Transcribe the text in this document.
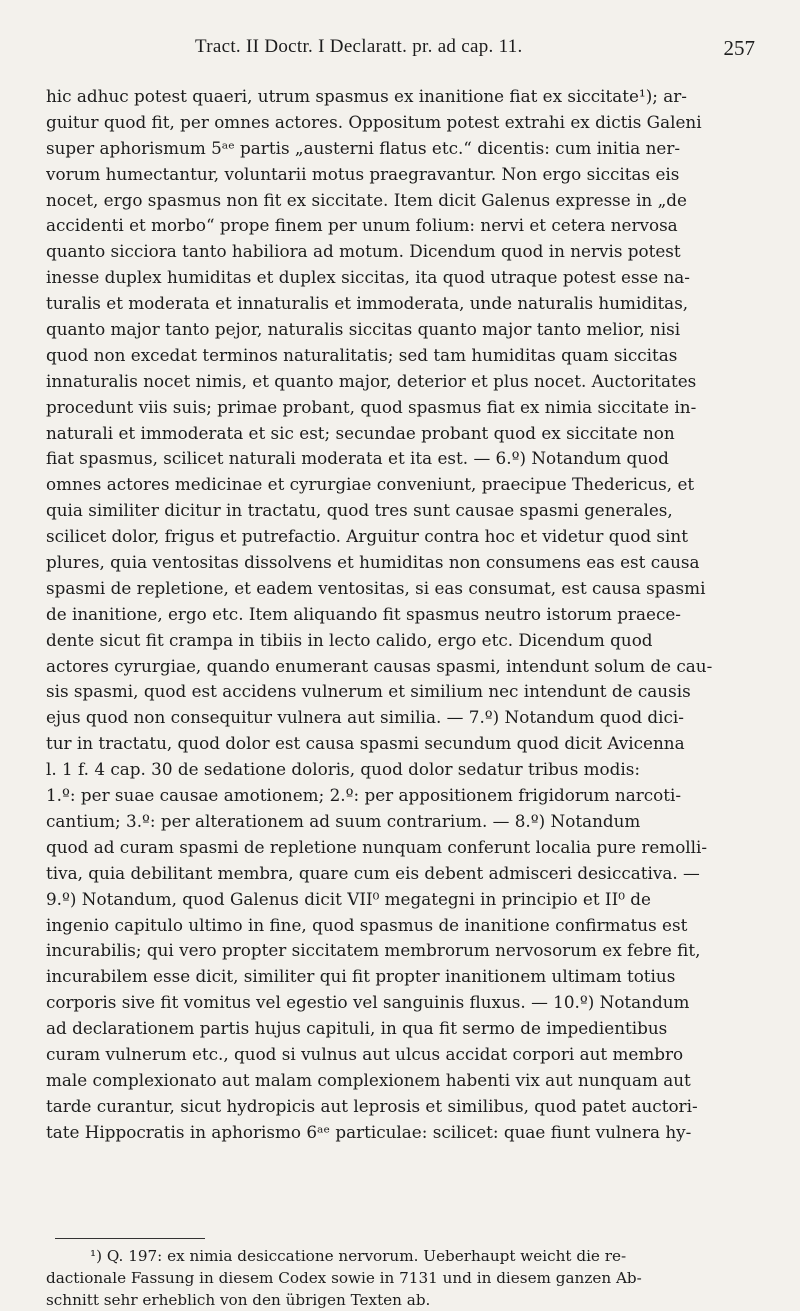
Tract. II Doctr. I Declaratt. pr. ad cap. 11.	257
hic adhuc potest quaeri, utrum spasmus ex inanitione fiat ex siccitate¹); ar-
guitur quod fit, per omnes actores. Oppositum potest extrahi ex dictis Galeni
super aphorismum 5ᵃᵉ partis „austerni flatus etc.“ dicentis: cum initia ner-
vorum humectantur, voluntarii motus praegravantur. Non ergo siccitas eis
nocet, ergo spasmus non fit ex siccitate. Item dicit Galenus expresse in „de
accidenti et morbo“ prope finem per unum folium: nervi et cetera nervosa
quanto sicciora tanto habiliora ad motum. Dicendum quod in nervis potest
inesse duplex humiditas et duplex siccitas, ita quod utraque potest esse na-
turalis et moderata et innaturalis et immoderata, unde naturalis humiditas,
quanto major tanto pejor, naturalis siccitas quanto major tanto melior, nisi
quod non excedat terminos naturalitatis; sed tam humiditas quam siccitas
innaturalis nocet nimis, et quanto major, deterior et plus nocet. Auctoritates
procedunt viis suis; primae probant, quod spasmus fiat ex nimia siccitate in-
naturali et immoderata et sic est; secundae probant quod ex siccitate non
fiat spasmus, scilicet naturali moderata et ita est. — 6.º) Notandum quod
omnes actores medicinae et cyrurgiae conveniunt, praecipue Thedericus, et
quia similiter dicitur in tractatu, quod tres sunt causae spasmi generales,
scilicet dolor, frigus et putrefactio. Arguitur contra hoc et videtur quod sint
plures, quia ventositas dissolvens et humiditas non consumens eas est causa
spasmi de repletione, et eadem ventositas, si eas consumat, est causa spasmi
de inanitione, ergo etc. Item aliquando fit spasmus neutro istorum praece-
dente sicut fit crampa in tibiis in lecto calido, ergo etc. Dicendum quod
actores cyrurgiae, quando enumerant causas spasmi, intendunt solum de cau-
sis spasmi, quod est accidens vulnerum et similium nec intendunt de causis
ejus quod non consequitur vulnera aut similia. — 7.º) Notandum quod dici-
tur in tractatu, quod dolor est causa spasmi secundum quod dicit Avicenna
l. 1 f. 4 cap. 30 de sedatione doloris, quod dolor sedatur tribus modis:
1.º: per suae causae amotionem; 2.º: per appositionem frigidorum narcoti-
cantium; 3.º: per alterationem ad suum contrarium. — 8.º) Notandum
quod ad curam spasmi de repletione nunquam conferunt localia pure remolli-
tiva, quia debilitant membra, quare cum eis debent admisceri desiccativa. —
9.º) Notandum, quod Galenus dicit VII⁰ megategni in principio et II⁰ de
ingenio capitulo ultimo in fine, quod spasmus de inanitione confirmatus est
incurabilis; qui vero propter siccitatem membrorum nervosorum ex febre fit,
incurabilem esse dicit, similiter qui fit propter inanitionem ultimam totius
corporis sive fit vomitus vel egestio vel sanguinis fluxus. — 10.º) Notandum
ad declarationem partis hujus capituli, in qua fit sermo de impedientibus
curam vulnerum etc., quod si vulnus aut ulcus accidat corpori aut membro
male complexionato aut malam complexionem habenti vix aut nunquam aut
tarde curantur, sicut hydropicis aut leprosis et similibus, quod patet auctori-
tate Hippocratis in aphorismo 6ᵃᵉ particulae: scilicet: quae fiunt vulnera hy-
¹) Q. 197: ex nimia desiccatione nervorum. Ueberhaupt weicht die re-
dactionale Fassung in diesem Codex sowie in 7131 und in diesem ganzen Ab-
schnitt sehr erheblich von den übrigen Texten ab.
